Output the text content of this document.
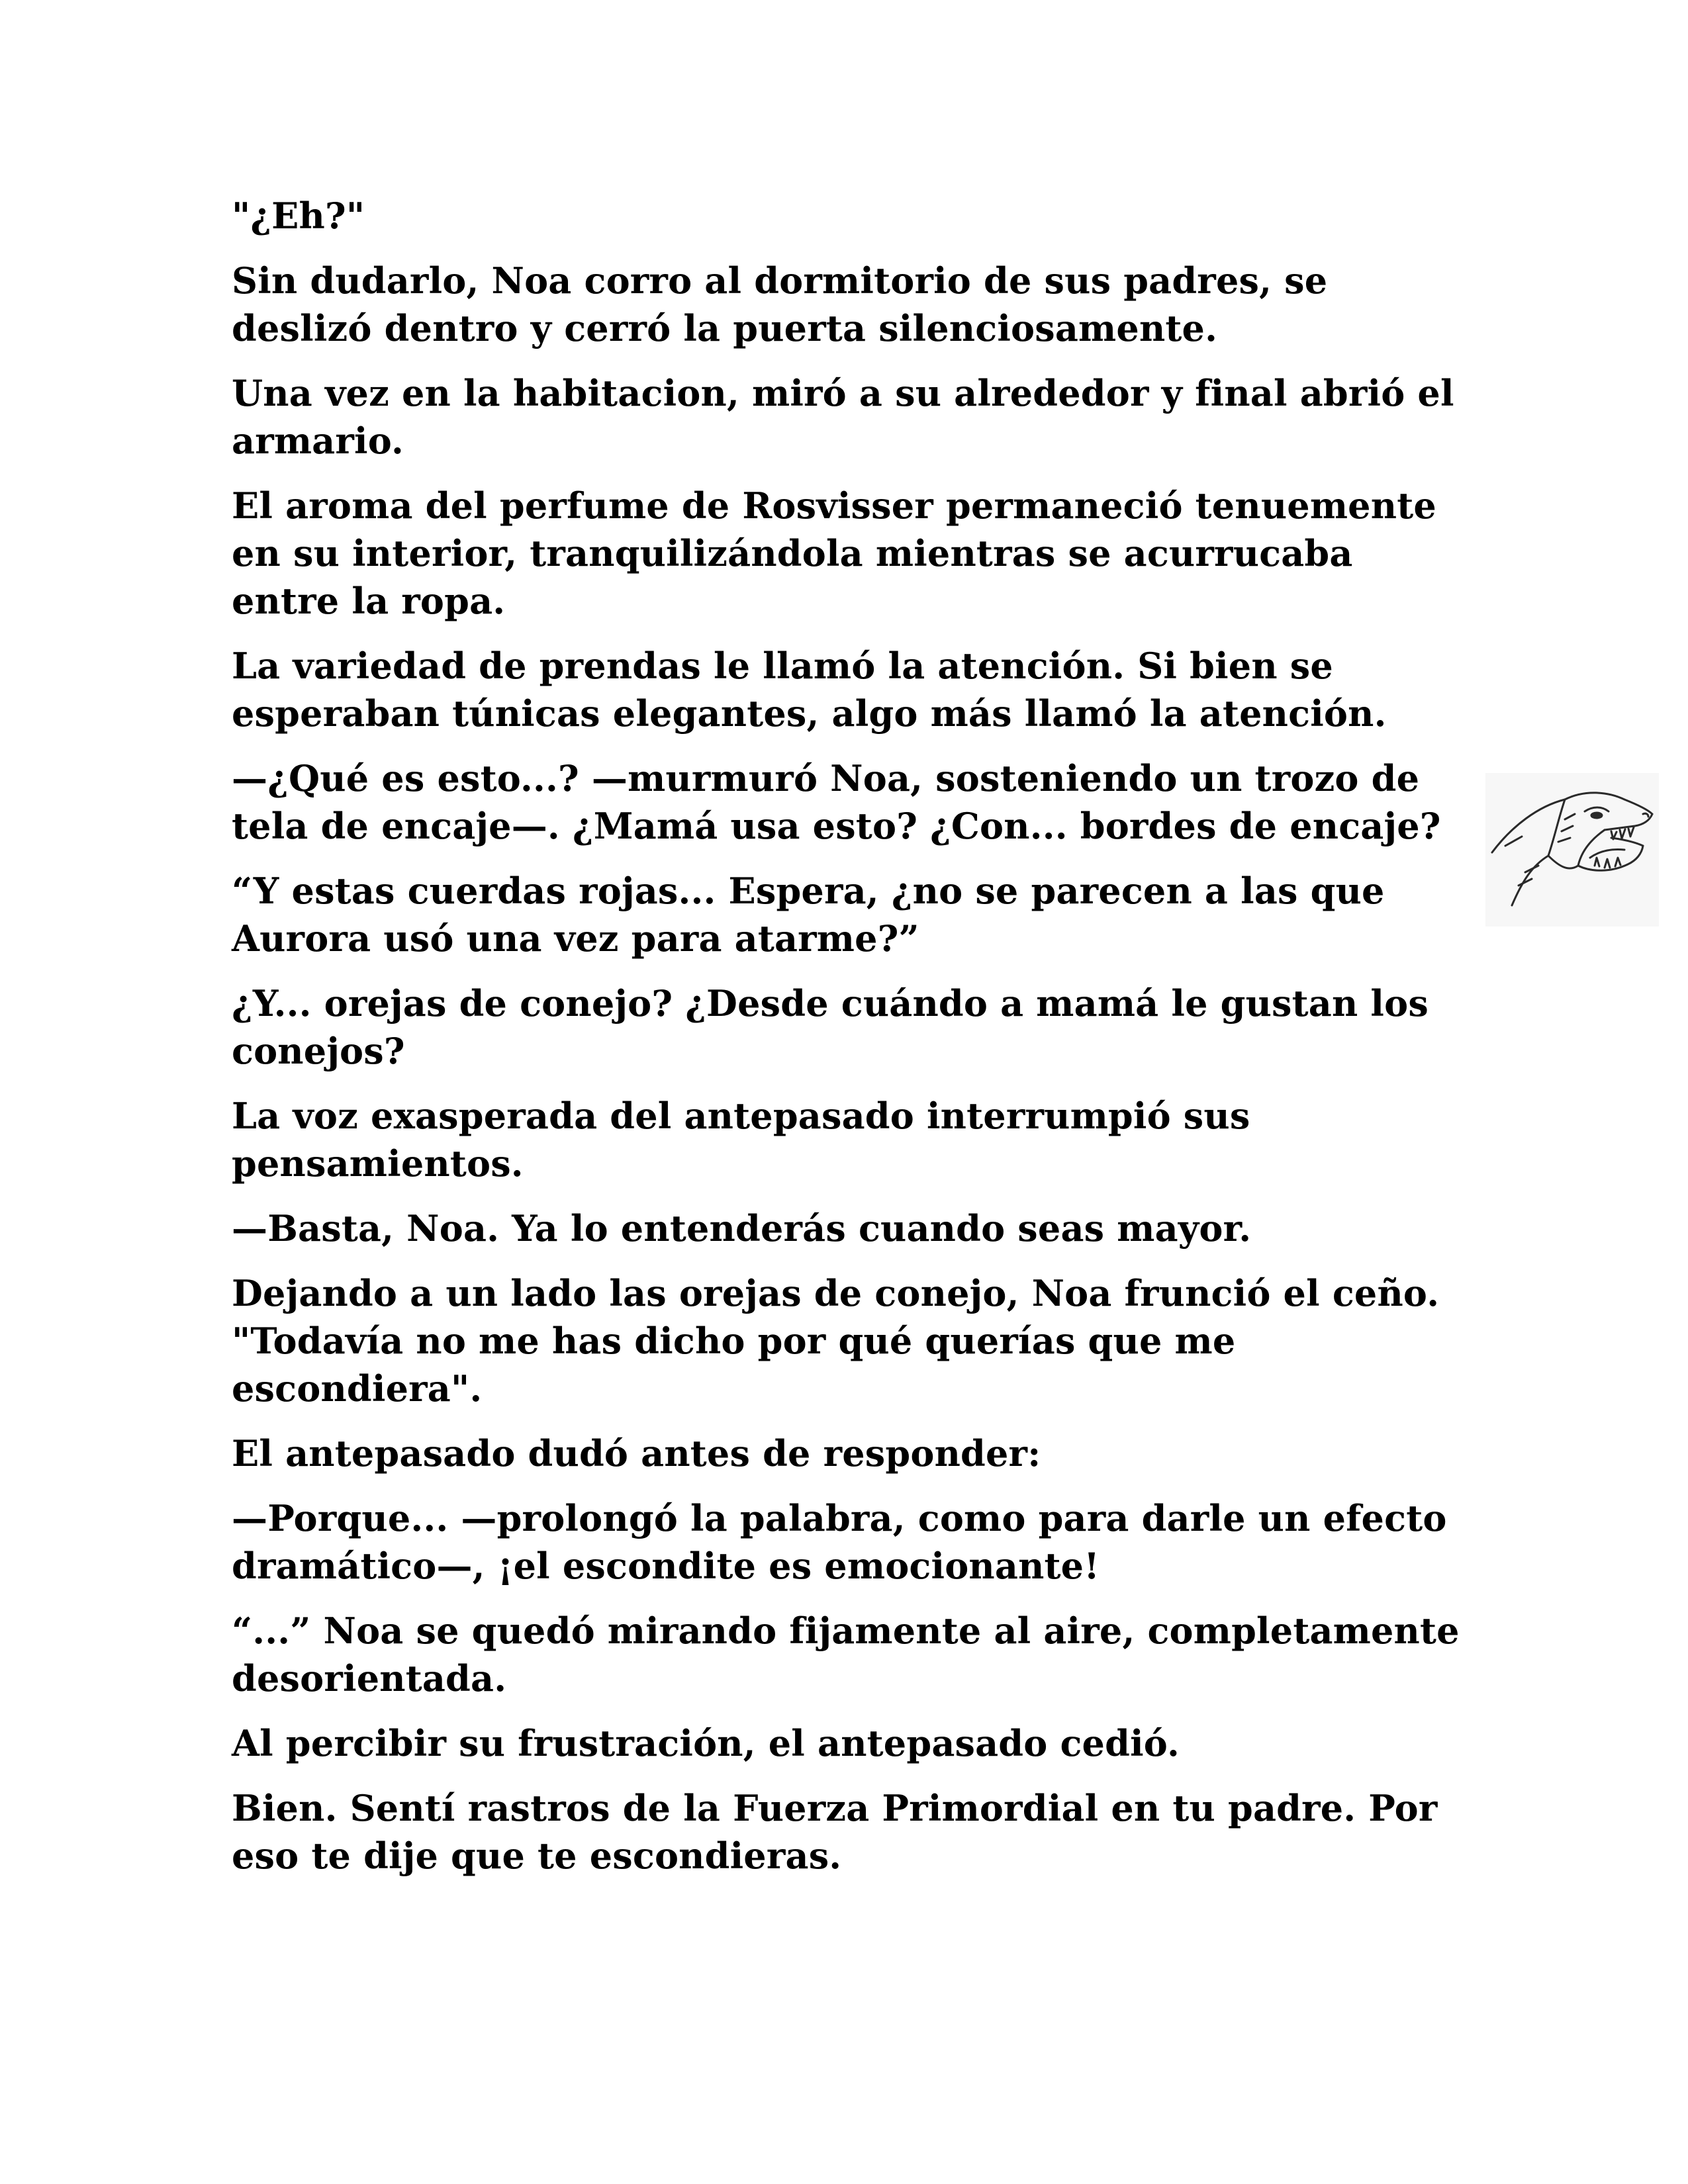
"¿Eh?"

Sin dudarlo, Noa corro al dormitorio de sus padres, se deslizó dentro y cerró la puerta silenciosamente.

Una vez en la habitacion, miró a su alrededor y final abrió el armario.

El aroma del perfume de Rosvisser permaneció tenuemente en su interior, tranquilizándola mientras se acurrucaba entre la ropa.

La variedad de prendas le llamó la atención. Si bien se esperaban túnicas elegantes, algo más llamó la atención.

—¿Qué es esto...? —murmuró Noa, sosteniendo un trozo de tela de encaje—. ¿Mamá usa esto? ¿Con... bordes de encaje?

“Y estas cuerdas rojas... Espera, ¿no se parecen a las que Aurora usó una vez para atarme?”

¿Y... orejas de conejo? ¿Desde cuándo a mamá le gustan los conejos?

La voz exasperada del antepasado interrumpió sus pensamientos.

—Basta, Noa. Ya lo entenderás cuando seas mayor.

Dejando a un lado las orejas de conejo, Noa frunció el ceño. "Todavía no me has dicho por qué querías que me escondiera".

El antepasado dudó antes de responder:

—Porque... —prolongó la palabra, como para darle un efecto dramático—, ¡el escondite es emocionante!

“...” Noa se quedó mirando fijamente al aire, completamente desorientada.

Al percibir su frustración, el antepasado cedió.

Bien. Sentí rastros de la Fuerza Primordial en tu padre. Por eso te dije que te escondieras.
